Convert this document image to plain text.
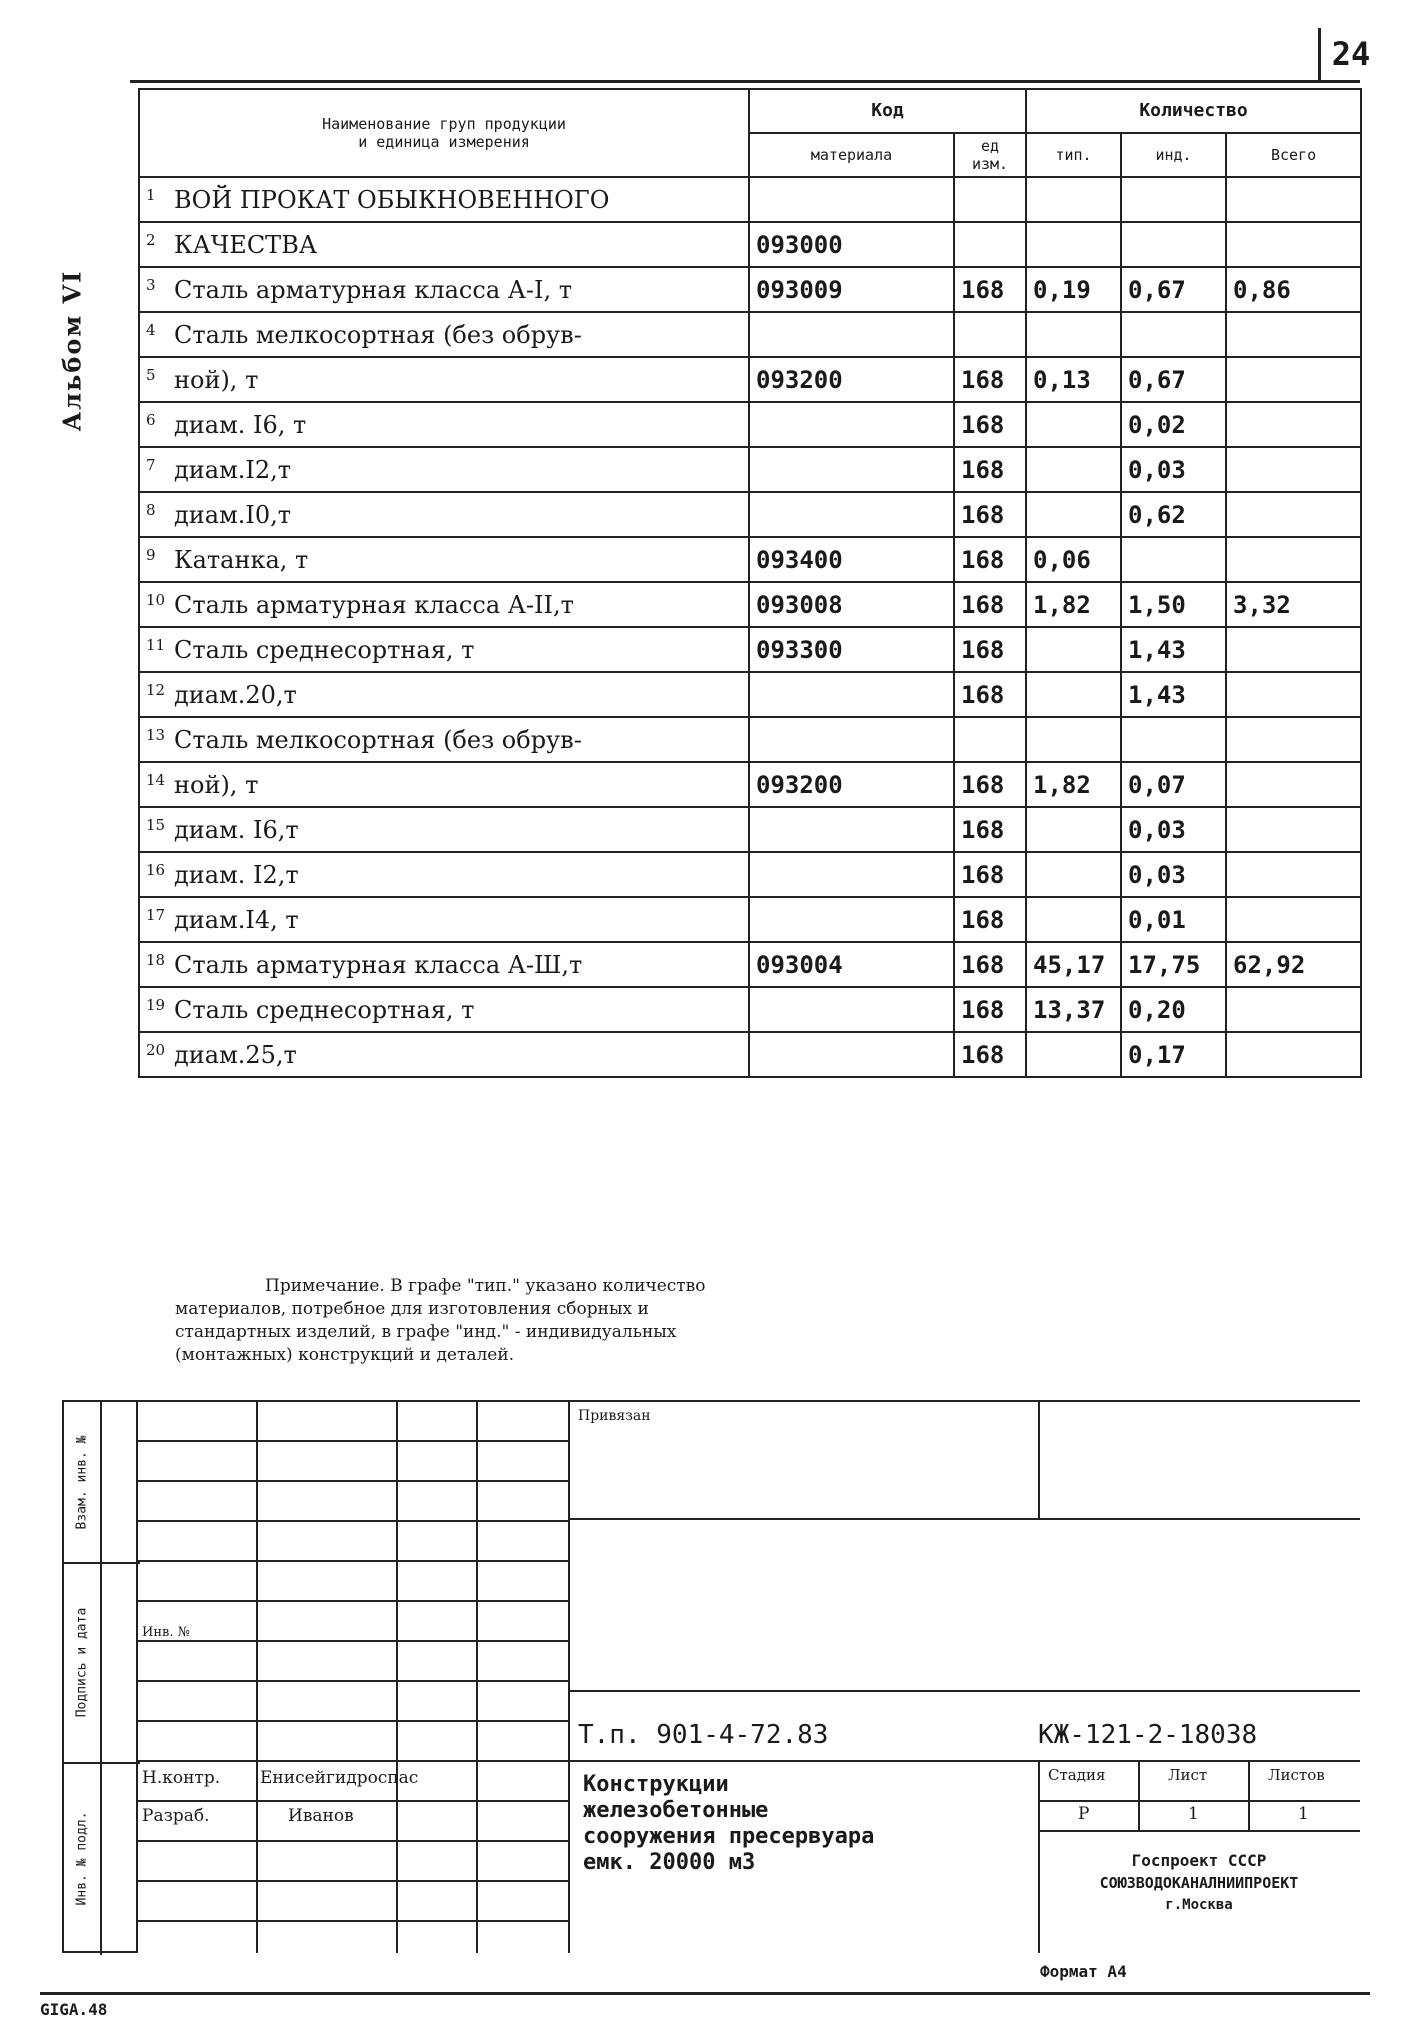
24
Альбом VI
Наименование груп продукции
и единица измерения	Код		Количество		
	материала	ед изм.	тип.	инд.	Всего
1 ВОЙ ПРОКАТ ОБЫКНОВЕННОГО					
2 КАЧЕСТВА	093000				
3 Сталь арматурная класса А-I, т	093009	168	0,19	0,67	0,86
4 Сталь мелкосортная (без обрув-					
5 ной), т	093200	168	0,13	0,67	
6 диам. I6, т		168		0,02	
7 диам.I2,т		168		0,03	
8 диам.I0,т		168		0,62	
9 Катанка, т	093400	168	0,06		
10 Сталь арматурная класса А-II,т	093008	168	1,82	1,50	3,32
11 Сталь среднесортная, т	093300	168		1,43	
12 диам.20,т		168		1,43	
13 Сталь мелкосортная (без обрув-					
14 ной), т	093200	168	1,82	0,07	
15 диам. I6,т		168		0,03	
16 диам. I2,т		168		0,03	
17 диам.I4, т		168		0,01	
18 Сталь арматурная класса А-Ш,т	093004	168	45,17	17,75	62,92
19 Сталь среднесортная, т		168	13,37	0,20	
20 диам.25,т		168		0,17	
Примечание. В графе "тип." указано количество
материалов, потребное для изготовления сборных и
стандартных изделий, в графе "инд." - индивидуальных
(монтажных) конструкций и деталей.
Привязан
Инв. №
Т.п. 901-4-72.83	КЖ-121-2-18038
Н.контр. Енисейгидроспас
Разраб.	Иванов
Конструкции
железобетонные
сооружения пресервуара
емк. 20000 м3
Стадия	Лист	Листов
Р	1	1
Госпроект СССР
СОЮЗВОДОКАНАЛНИИПРОЕКТ
г.Москва
Взам. инв. №
Подпись и дата
Инв. № подл.
Формат А4
GIGA.48
